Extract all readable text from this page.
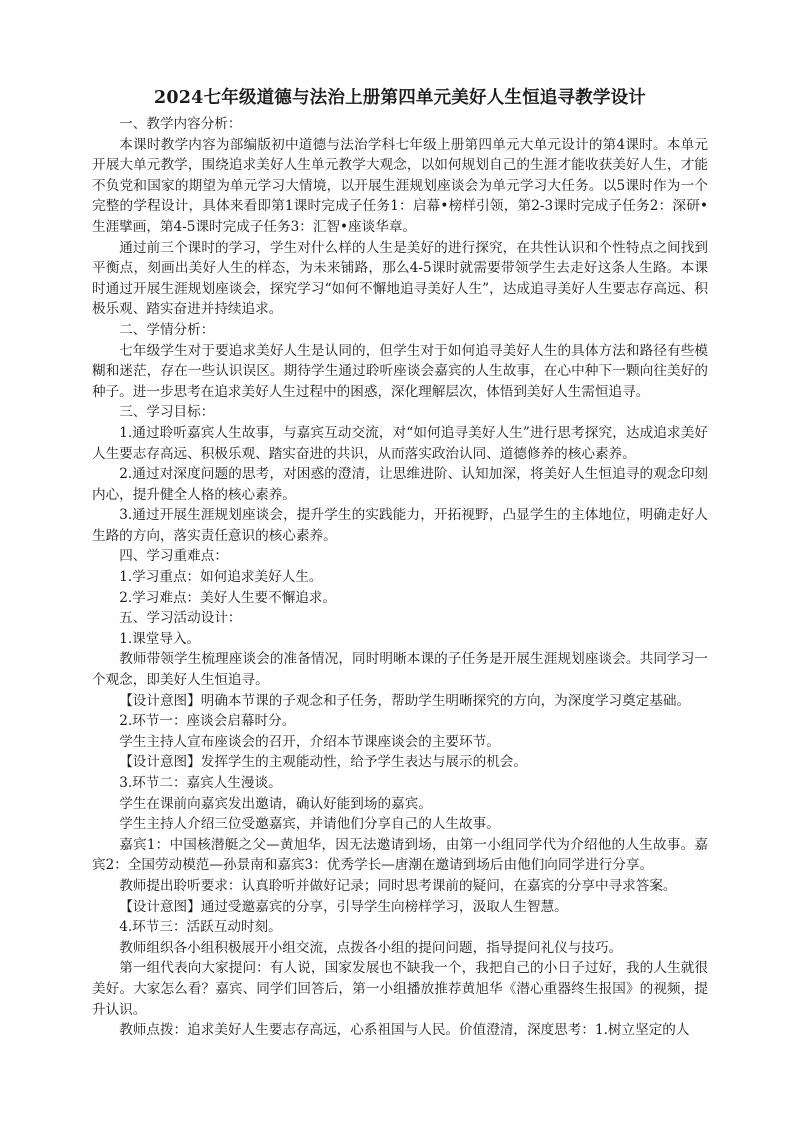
2024七年级道德与法治上册第四单元美好人生恒追寻教学设计

一、教学内容分析：

本课时教学内容为部编版初中道德与法治学科七年级上册第四单元大单元设计的第4课时。本单元开展大单元教学，围绕追求美好人生单元教学大观念，以如何规划自己的生涯才能收获美好人生，才能不负党和国家的期望为单元学习大情境，以开展生涯规划座谈会为单元学习大任务。以5课时作为一个完整的学程设计，具体来看即第1课时完成子任务1：启幕•榜样引领，第2-3课时完成子任务2：深研•生涯擘画，第4-5课时完成子任务3：汇智•座谈华章。

通过前三个课时的学习，学生对什么样的人生是美好的进行探究，在共性认识和个性特点之间找到平衡点，刻画出美好人生的样态，为未来铺路，那么4-5课时就需要带领学生去走好这条人生路。本课时通过开展生涯规划座谈会，探究学习“如何不懈地追寻美好人生”，达成追寻美好人生要志存高远、积极乐观、踏实奋进并持续追求。

二、学情分析：

七年级学生对于要追求美好人生是认同的，但学生对于如何追寻美好人生的具体方法和路径有些模糊和迷茫，存在一些认识误区。期待学生通过聆听座谈会嘉宾的人生故事，在心中种下一颗向往美好的种子。进一步思考在追求美好人生过程中的困惑，深化理解层次，体悟到美好人生需恒追寻。

三、学习目标：

1.通过聆听嘉宾人生故事，与嘉宾互动交流，对“如何追寻美好人生”进行思考探究，达成追求美好人生要志存高远、积极乐观、踏实奋进的共识，从而落实政治认同、道德修养的核心素养。

2.通过对深度问题的思考，对困惑的澄清，让思维进阶、认知加深，将美好人生恒追寻的观念印刻内心，提升健全人格的核心素养。

3.通过开展生涯规划座谈会，提升学生的实践能力，开拓视野，凸显学生的主体地位，明确走好人生路的方向，落实责任意识的核心素养。

四、学习重难点：

1.学习重点：如何追求美好人生。

2.学习难点：美好人生要不懈追求。

五、学习活动设计：

1.课堂导入。

教师带领学生梳理座谈会的准备情况，同时明晰本课的子任务是开展生涯规划座谈会。共同学习一个观念，即美好人生恒追寻。

【设计意图】明确本节课的子观念和子任务，帮助学生明晰探究的方向，为深度学习奠定基础。

2.环节一：座谈会启幕时分。

学生主持人宣布座谈会的召开，介绍本节课座谈会的主要环节。

【设计意图】发挥学生的主观能动性，给予学生表达与展示的机会。

3.环节二：嘉宾人生漫谈。

学生在课前向嘉宾发出邀请，确认好能到场的嘉宾。

学生主持人介绍三位受邀嘉宾，并请他们分享自己的人生故事。

嘉宾1：中国核潜艇之父—黄旭华，因无法邀请到场，由第一小组同学代为介绍他的人生故事。嘉宾2：全国劳动模范—孙景南和嘉宾3：优秀学长—唐潮在邀请到场后由他们向同学进行分享。

教师提出聆听要求：认真聆听并做好记录；同时思考课前的疑问，在嘉宾的分享中寻求答案。

【设计意图】通过受邀嘉宾的分享，引导学生向榜样学习，汲取人生智慧。

4.环节三：活跃互动时刻。

教师组织各小组积极展开小组交流，点拨各小组的提问问题，指导提问礼仪与技巧。

第一组代表向大家提问：有人说，国家发展也不缺我一个，我把自己的小日子过好，我的人生就很美好。大家怎么看？嘉宾、同学们回答后，第一小组播放推荐黄旭华《潜心重器终生报国》的视频，提升认识。

教师点拨：追求美好人生要志存高远，心系祖国与人民。价值澄清，深度思考：1.树立坚定的人
